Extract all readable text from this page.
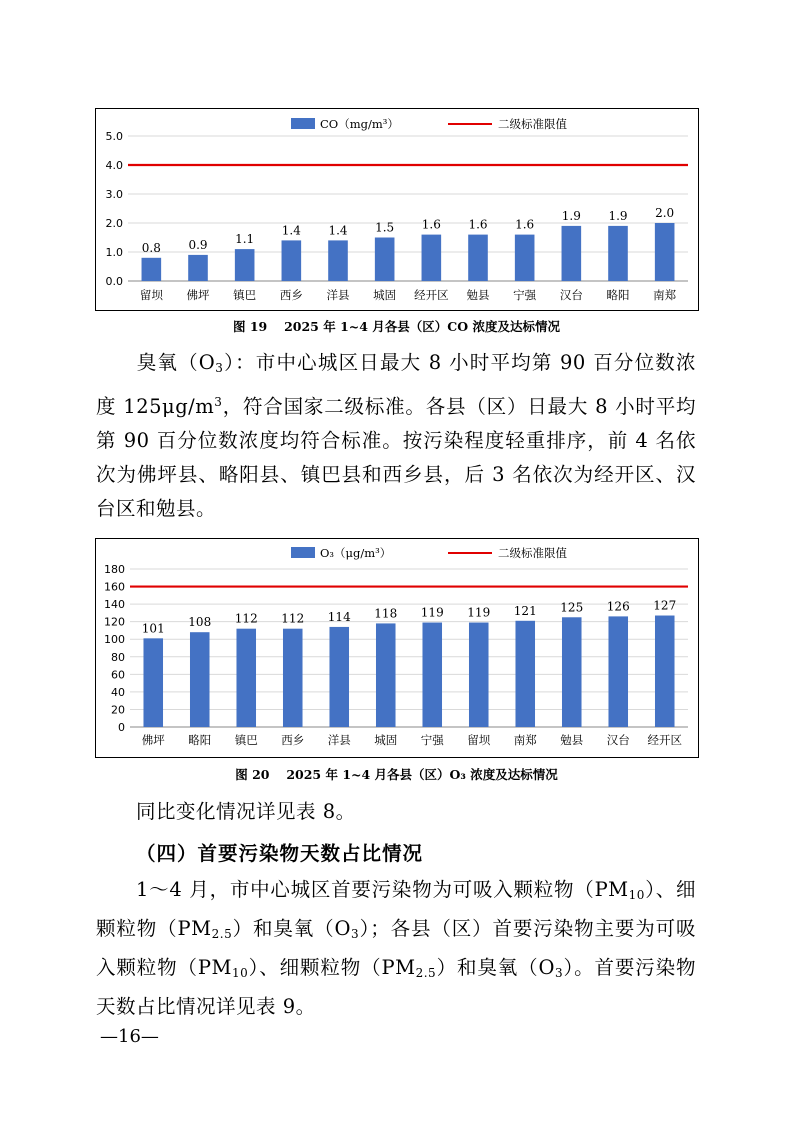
0.0
1.0
2.0
3.0
4.0
5.0
0.8
留坝
0.9
佛坪
1.1
镇巴
1.4
西乡
1.4
洋县
1.5
城固
1.6
经开区
1.6
勉县
1.6
宁强
1.9
汉台
1.9
略阳
2.0
南郑
CO（mg/m³）	二级标准限值
图 19　 2025 年 1~4 月各县（区）CO 浓度及达标情况
臭氧$(O_3)$：市中心城区日最大 8 小时平均第 90 百分位数浓度 $125\mu g/m^3$，符合国家二级标准。各县（区）日最大 8 小时平均第 90 百分位数浓度均符合标准。按污染程度轻重排序，前 4 名依次为佛坪县、略阳县、镇巴县和西乡县，后 3 名依次为经开区、汉台区和勉县。
0
20
40
60
80
100
120
140
160
180
101
佛坪
108
略阳
112
镇巴
112
西乡
114
洋县
118
城固
119
宁强
119
留坝
121
南郑
125
勉县
126
汉台
127
经开区
O₃（μg/m³）	二级标准限值
图 20　 2025 年 1~4 月各县（区）O₃ 浓度及达标情况
同比变化情况详见表 8。
（四）首要污染物天数占比情况
1～4 月，市中心城区首要污染物为可吸入颗粒物$(PM_{10})$、细颗粒物$(PM_{2.5})$和臭氧$(O_3)$；各县（区）首要污染物主要为可吸入颗粒物$(PM_{10})$、细颗粒物$(PM_{2.5})$和臭氧$(O_3)$。首要污染物天数占比情况详见表 9。
—16—
